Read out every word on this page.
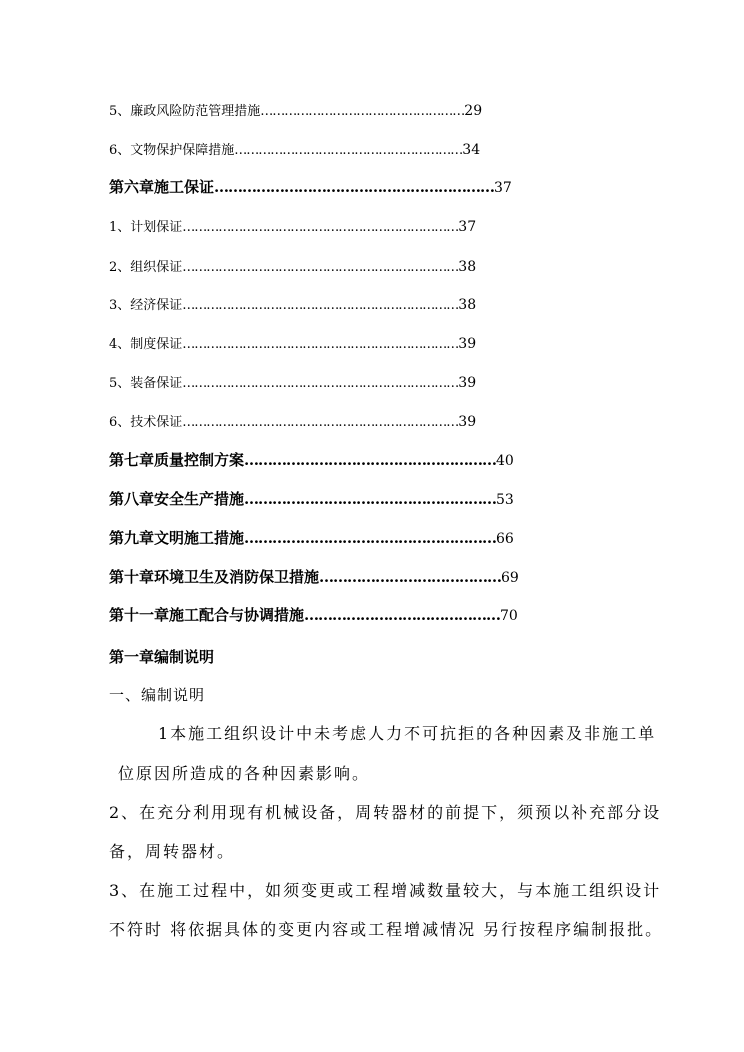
5、廉政风险防范管理措施 …………………………………………… 29
6、文物保护保障措施 ………………………………………………… 34
第六章施工保证 …………………………………………………… 37
1、计划保证 …………………………………………………………… 37
2、组织保证 …………………………………………………………… 38
3、经济保证 …………………………………………………………… 38
4、制度保证 …………………………………………………………… 39
5、装备保证 …………………………………………………………… 39
6、技术保证 …………………………………………………………… 39
第七章质量控制方案 ……………………………………………… 40
第八章安全生产措施 ……………………………………………… 53
第九章文明施工措施 ……………………………………………… 66
第十章环境卫生及消防保卫措施 ………………………………… 69
第十一章施工配合与协调措施 …………………………………… 70
第一章编制说明
一、编制说明
1本施工组织设计中未考虑人力不可抗拒的各种因素及非施工单
位原因所造成的各种因素影响。
2、在充分利用现有机械设备，周转器材的前提下，须预以补充部分设
备，周转器材。
3、在施工过程中，如须变更或工程增减数量较大，与本施工组织设计
不符时 将依据具体的变更内容或工程增减情况 另行按程序编制报批。
